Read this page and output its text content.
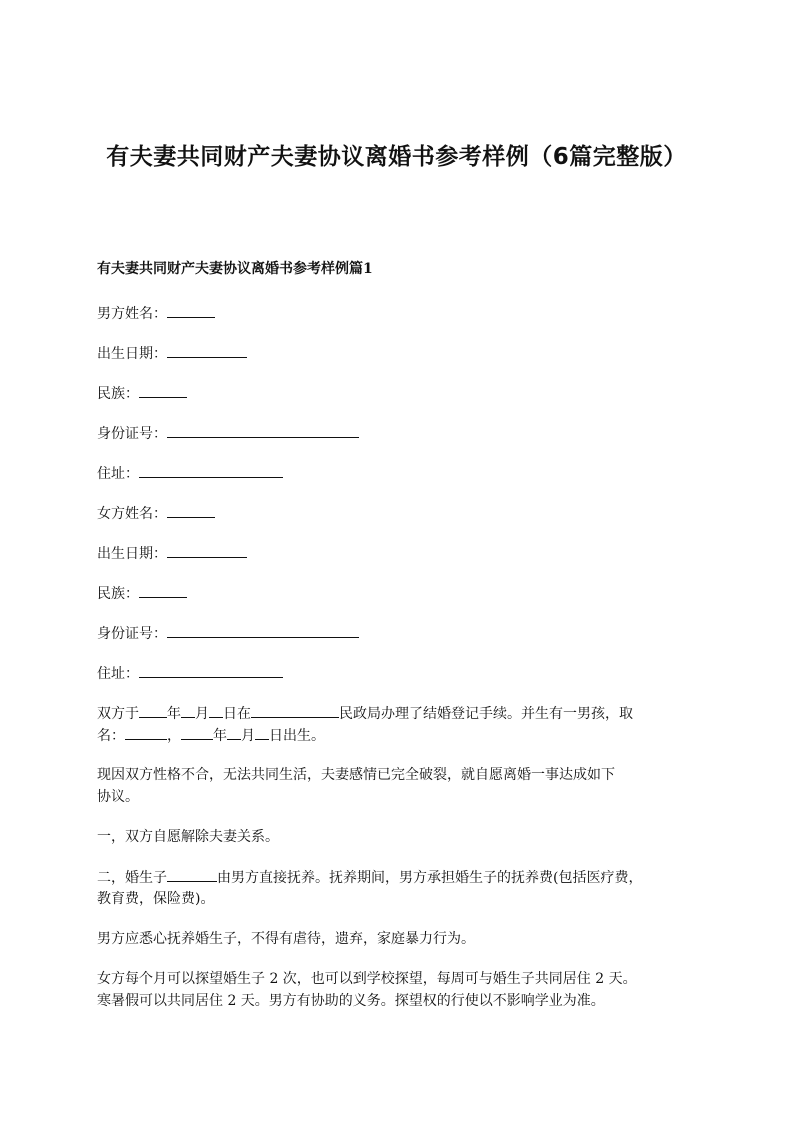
有夫妻共同财产夫妻协议离婚书参考样例（6篇完整版）
有夫妻共同财产夫妻协议离婚书参考样例篇1
男方姓名：
出生日期：
民族：
身份证号：
住址：
女方姓名：
出生日期：
民族：
身份证号：
住址：
双方于 年 月 日在	民政局办理了结婚登记手续。并生有一男孩，取
名：	， 年 月 日出生。
现因双方性格不合，无法共同生活，夫妻感情已完全破裂，就自愿离婚一事达成如下
协议。
一，双方自愿解除夫妻关系。
二，婚生子	由男方直接抚养。抚养期间，男方承担婚生子的抚养费(包括医疗费，
教育费，保险费)。
男方应悉心抚养婚生子，不得有虐待，遗弃，家庭暴力行为。
女方每个月可以探望婚生子 2 次，也可以到学校探望，每周可与婚生子共同居住 2 天。
寒暑假可以共同居住 2 天。男方有协助的义务。探望权的行使以不影响学业为准。
